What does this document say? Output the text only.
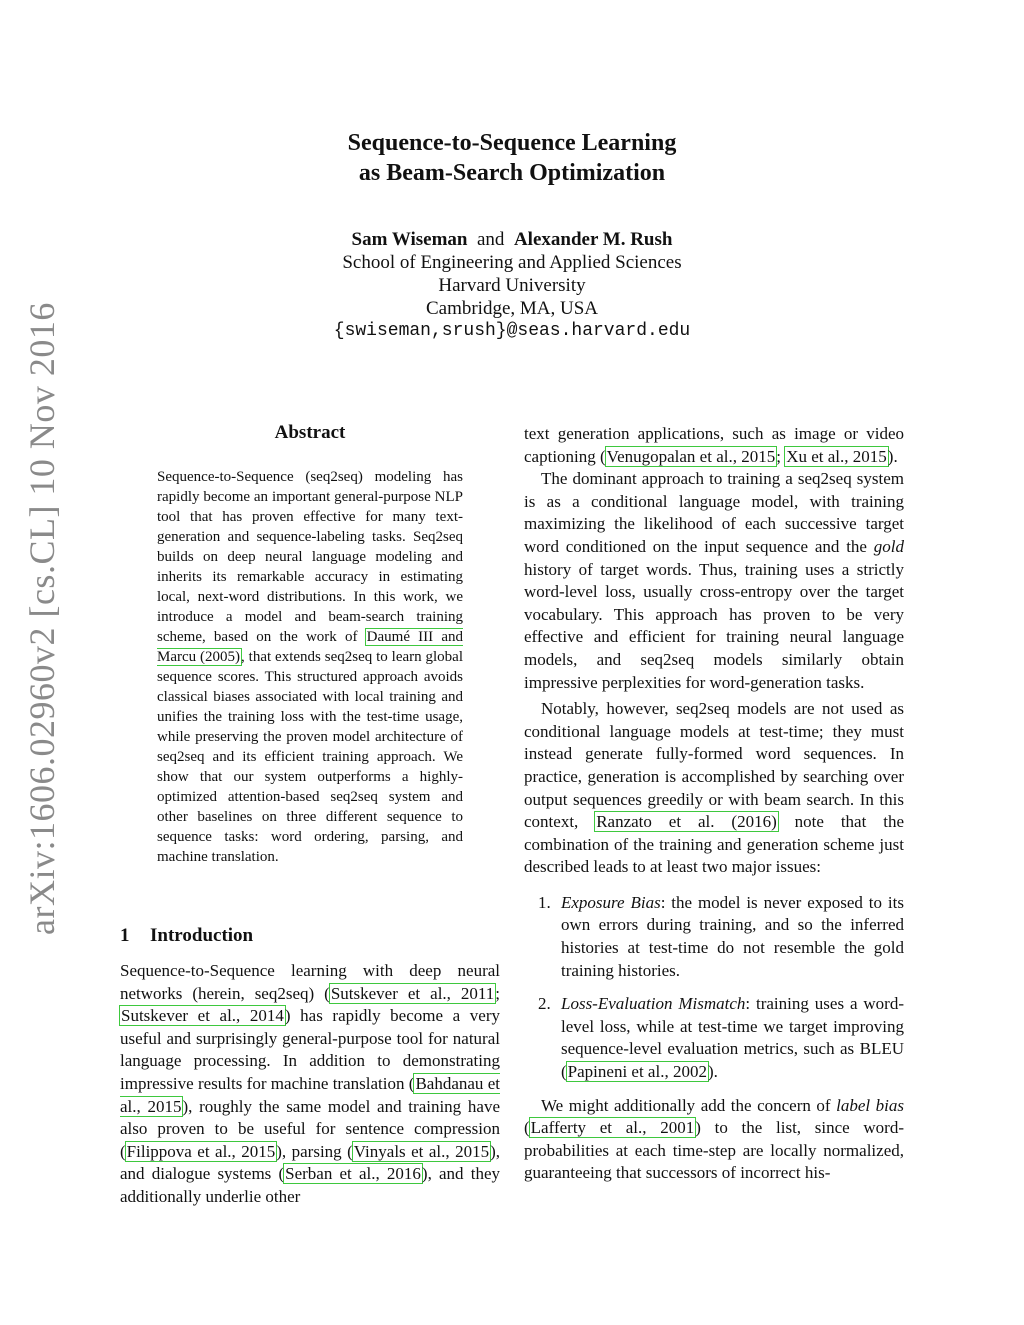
arXiv:1606.02960v2 [cs.CL] 10 Nov 2016
Sequence-to-Sequence Learning
as Beam-Search Optimization
Sam Wiseman and Alexander M. Rush
School of Engineering and Applied Sciences
Harvard University
Cambridge, MA, USA
{swiseman,srush}@seas.harvard.edu
Abstract
Sequence-to-Sequence (seq2seq) modeling has rapidly become an important general-purpose NLP tool that has proven effective for many text-generation and sequence-labeling tasks. Seq2seq builds on deep neural language modeling and inherits its remarkable accuracy in estimating local, next-word distributions. In this work, we introduce a model and beam-search training scheme, based on the work of Daumé III and Marcu (2005), that extends seq2seq to learn global sequence scores. This structured approach avoids classical biases associated with local training and unifies the training loss with the test-time usage, while preserving the proven model architecture of seq2seq and its efficient training approach. We show that our system outperforms a highly-optimized attention-based seq2seq system and other baselines on three different sequence to sequence tasks: word ordering, parsing, and machine translation.
1 Introduction
Sequence-to-Sequence learning with deep neural networks (herein, seq2seq) (Sutskever et al., 2011; Sutskever et al., 2014) has rapidly become a very useful and surprisingly general-purpose tool for natural language processing. In addition to demonstrating impressive results for machine translation (Bahdanau et al., 2015), roughly the same model and training have also proven to be useful for sentence compression (Filippova et al., 2015), parsing (Vinyals et al., 2015), and dialogue systems (Serban et al., 2016), and they additionally underlie other

text generation applications, such as image or video captioning (Venugopalan et al., 2015; Xu et al., 2015).

The dominant approach to training a seq2seq system is as a conditional language model, with training maximizing the likelihood of each successive target word conditioned on the input sequence and the gold history of target words. Thus, training uses a strictly word-level loss, usually cross-entropy over the target vocabulary. This approach has proven to be very effective and efficient for training neural language models, and seq2seq models similarly obtain impressive perplexities for word-generation tasks.

Notably, however, seq2seq models are not used as conditional language models at test-time; they must instead generate fully-formed word sequences. In practice, generation is accomplished by searching over output sequences greedily or with beam search. In this context, Ranzato et al. (2016) note that the combination of the training and generation scheme just described leads to at least two major issues:

1. Exposure Bias: the model is never exposed to its own errors during training, and so the inferred histories at test-time do not resemble the gold training histories.
2. Loss-Evaluation Mismatch: training uses a word-level loss, while at test-time we target improving sequence-level evaluation metrics, such as BLEU (Papineni et al., 2002).

We might additionally add the concern of label bias (Lafferty et al., 2001) to the list, since word-probabilities at each time-step are locally normalized, guaranteeing that successors of incorrect his-
